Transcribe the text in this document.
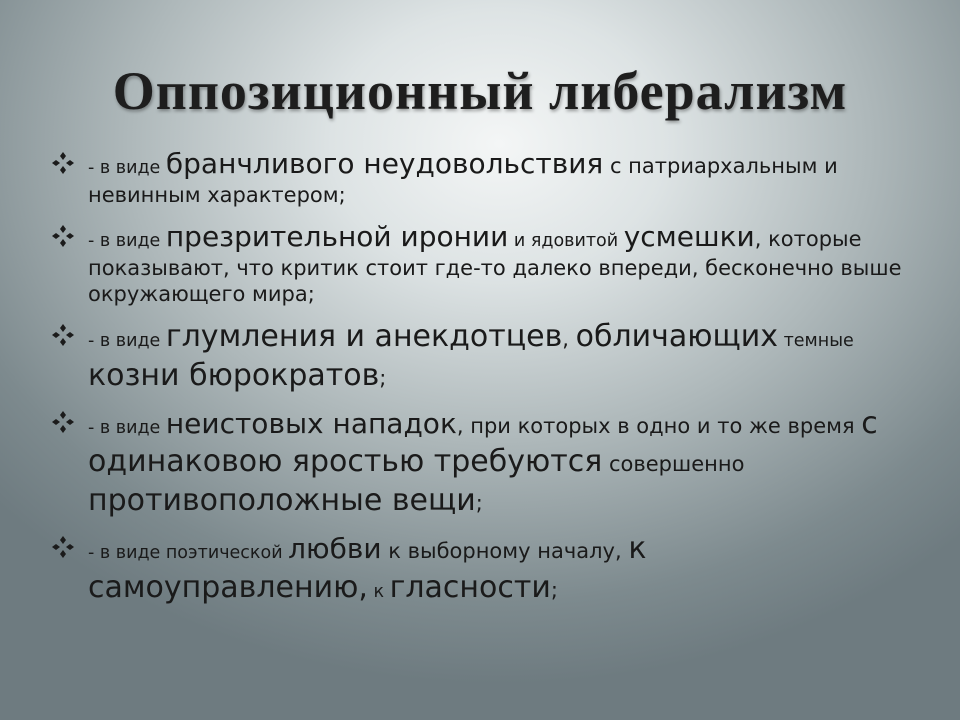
Оппозиционный либерализм
- в виде бранчливого неудовольствия с патриархальным и невинным характером;
- в виде презрительной иронии и ядовитой усмешки, которые показывают, что критик стоит где-то далеко впереди, бесконечно выше окружающего мира;
- в виде глумления и анекдотцев, обличающих темные козни бюрократов;
- в виде неистовых нападок, при которых в одно и то же время с одинаковою яростью требуются совершенно противоположные вещи;
- в виде поэтической любви к выборному началу, к самоуправлению, к гласности;
